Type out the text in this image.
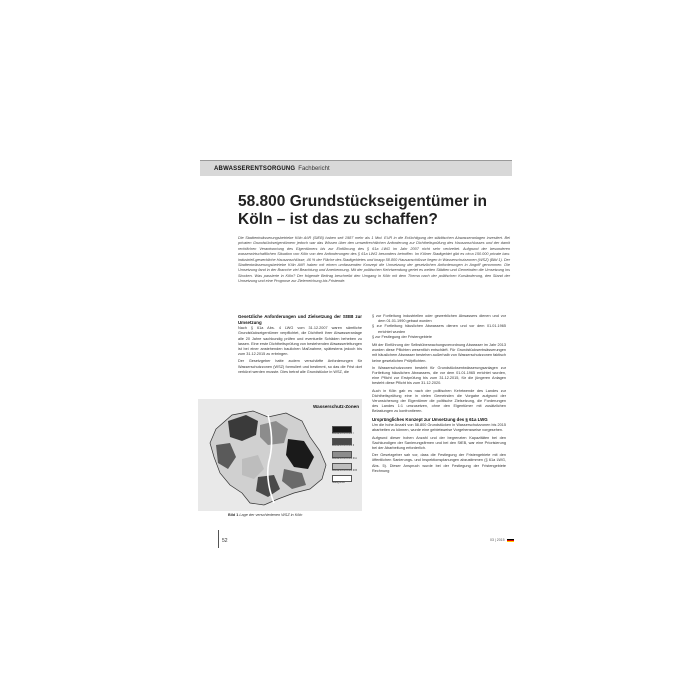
ABWASSERENTSORGUNG Fachbericht
58.800 Grundstückseigentümer in Köln – ist das zu schaffen?
Die Stadtentwässerungsbetriebe Köln AöR (StEB) haben seit 1987 mehr als 1 Mrd. EUR in die Ertüchtigung der städtischen Abwasseranlagen investiert. Bei privaten Grundstückseigentümern jedoch war das Wissen über den umweltrechtlichen Anforderung zur Dichtheitsprüfung des Hausanschlusses und der damit rechtlichen Verantwortung des Eigentümers bis zur Einführung des § 61a LWG im Jahr 2007 nicht sehr verbreitet. Aufgrund der besonderen wasserwirtschaftlichen Situation von Köln von den Anforderungen des § 61a LWG besonders betroffen. Im Kölner Stadtgebiet gibt es circa 150.000 private bzw. industriell-gewerbliche Hausanschlüsse, 46 % der Fläche des Stadtgebietes und knapp 58.800 Hausanschlüsse liegen in Wasserschutzzonen (WSZ) (Bild 1). Der Stadtentwässerungsbetriebe Köln AöR haben mit einem umfassenden Konzept die Umsetzung der gesetzlichen Anforderungen in Angriff genommen. Die Umsetzung fand in der Branche viel Beachtung und Anerkennung. Mit der politischen Kehrtwendung geriet es weiten Städten und Gemeinden die Umsetzung ins Stocken. Was passierte in Köln? Der folgende Beitrag beschreibt den Umgang in Köln mit dem Thema nach der politischen Kursänderung, den Stand der Umsetzung und eine Prognose zur Zielerreichung bis Fristende.
Gesetzliche Anforderungen und Zielsetzung der StEB zur Umsetzung

Nach § 61a Abs. 4 LWG vom 31.12.2007 waren sämtliche Grundstückseigentümer verpflichtet, die Dichtheit ihrer Abwasseranlage alle 20 Jahre sachkundig prüfen und eventuelle Schäden beheben zu lassen. Eine erste Dichtheitsprüfung von bestehenden Abwasserleitungen ist bei einer anstehenden baulichen Maßnahme, spätestens jedoch bis zum 31.12.2015 zu erbringen.

Der Gesetzgeber hatte zudem verschärfte Anforderungen für Wasserschutzzonen (WSZ) formuliert und bestimmt, so das die Frist dort verkürzt werden musste. Dies betraf alle Grundstücke in WSZ, die

§ zur Fortleitung industriellen oder gewerblichen Abwassers dienen und vor dem 01.01.1990 gebaut wurden

§ zur Fortleitung häuslichen Abwassers dienen und vor dem 01.01.1965 errichtet wurden

§ zur Festlegung der Fristengebiete

Mit der Einführung der Selbstüberwachungsverordnung Abwasser im Jahr 2013 wurden diese Pflichten wesentlich entschärft. Für Grundstücksentwässerungen mit häuslichem Abwasser bestehen außerhalb von Wasserschutzzonen faktisch keine gesetzlichen Prüfpflichten.

In Wasserschutzzonen besteht für Grundstücksentwässerungsanlagen zur Fortleitung häuslichen Abwassers, die vor dem 01.01.1965 errichtet wurden, eine Pflicht zur Erstprüfung bis zum 31.12.2015, für die jüngeren Anlagen besteht diese Pflicht bis zum 31.12.2020.

Auch in Köln gab es nach der politischen Kehrtwende des Landes zur Dichtheitsprüfung eine in vielen Gemeinden die Vorgabe aufgrund der Verunsicherung der Eigentümer die politische Zielsetzung, die Forderungen des Landes 1:1 umzusetzen, ohne den Eigentümer mit zusätzlichen Belastungen zu konfrontieren.

Ursprüngliches Konzept zur Umsetzung des § 61a LWG

Um die hohe Anzahl von 58.800 Grundstücken in Wasserschutzzonen bis 2015 abarbeiten zu können, wurde eine gebietsweise Vorgehensweise vorgesehen.

Aufgrund dieser hohen Anzahl und der begrenzten Kapazitäten bei den Sachkundigen der Sanierungsfirmen und bei den StEB, war eine Priorisierung bei der Abarbeitung erforderlich.

Der Gesetzgeber sah vor, dass die Festlegung der Fristengebiete mit den öffentlichen Sanierungs- und Inspektionsplanungen abzustimmen (§ 61a LWG, Abs. 5). Dieser Anspruch wurde bei der Festlegung der Fristengebiete Rechnung

Wasserschutz-Zonen
Wasserschutzzone I
Wasserschutzzone II
Wasserschutzzone III A
Wasserschutzzone III B
Stadtgrenze
Bild 1 Lage der verschiedenen WSZ in Köln
52	03 | 2015
